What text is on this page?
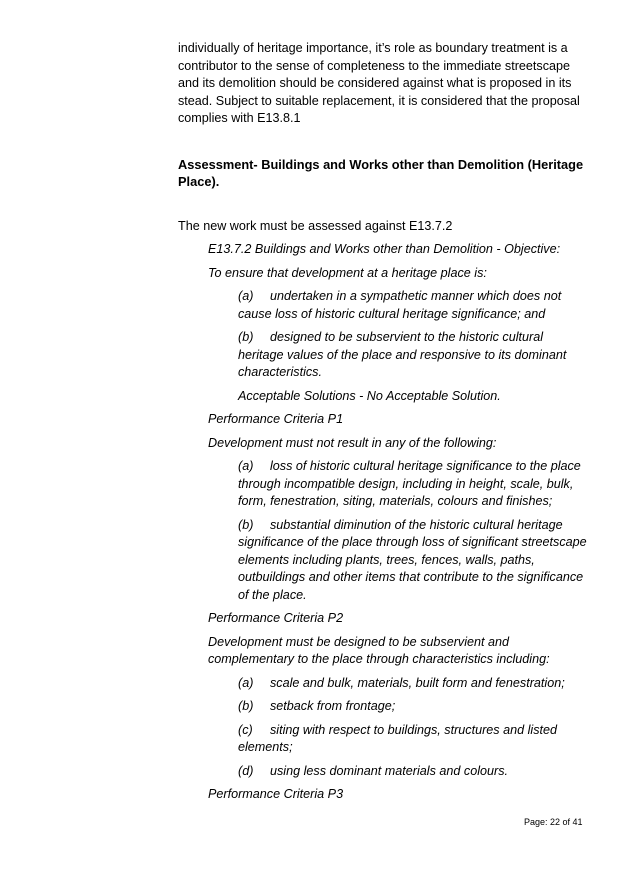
individually of heritage importance, it’s role as boundary treatment is a contributor to the sense of completeness to the immediate streetscape and its demolition should be considered against what is proposed in its stead. Subject to suitable replacement, it is considered that the proposal complies with E13.8.1

Assessment- Buildings and Works other than Demolition (Heritage Place).

The new work must be assessed against E13.7.2

E13.7.2 Buildings and Works other than Demolition - Objective:

To ensure that development at a heritage place is:

(a) undertaken in a sympathetic manner which does not cause loss of historic cultural heritage significance; and

(b) designed to be subservient to the historic cultural heritage values of the place and responsive to its dominant characteristics.

Acceptable Solutions - No Acceptable Solution.

Performance Criteria P1

Development must not result in any of the following:

(a) loss of historic cultural heritage significance to the place through incompatible design, including in height, scale, bulk, form, fenestration, siting, materials, colours and finishes;

(b) substantial diminution of the historic cultural heritage significance of the place through loss of significant streetscape elements including plants, trees, fences, walls, paths, outbuildings and other items that contribute to the significance of the place.

Performance Criteria P2

Development must be designed to be subservient and complementary to the place through characteristics including:

(a) scale and bulk, materials, built form and fenestration;

(b) setback from frontage;

(c) siting with respect to buildings, structures and listed elements;

(d) using less dominant materials and colours.

Performance Criteria P3

Page: 22 of 41
